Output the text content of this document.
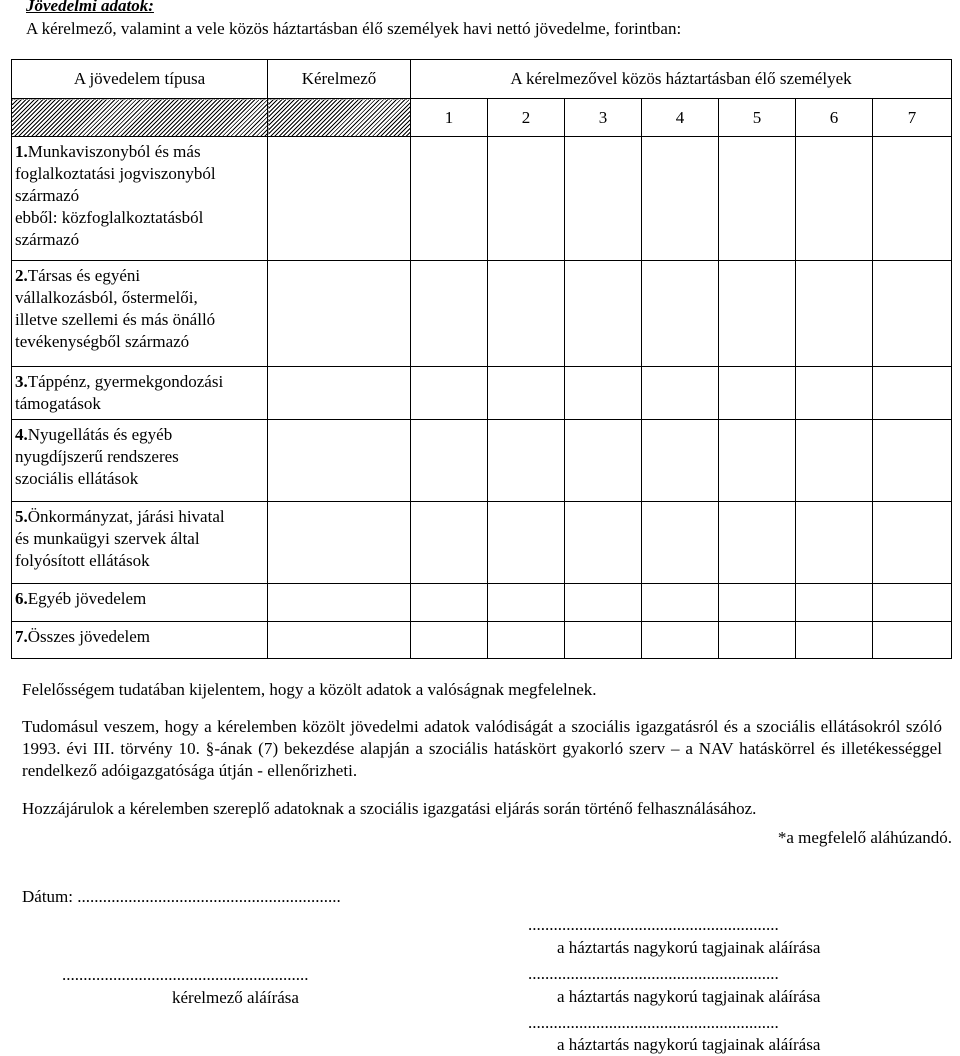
Jövedelmi adatok:
A kérelmező, valamint a vele közös háztartásban élő személyek havi nettó jövedelme, forintban:
A jövedelem típusa	Kérelmező	A kérelmezővel közös háztartásban élő személyek						
		1	2	3	4	5	6	7
1.Munkaviszonyból és más
foglalkoztatási jogviszonyból
származó
ebből: közfoglalkoztatásból
származó								
2.Társas és egyéni
vállalkozásból, őstermelői,
illetve szellemi és más önálló
tevékenységből származó								
3.Táppénz, gyermekgondozási
támogatások								
4.Nyugellátás és egyéb
nyugdíjszerű rendszeres
szociális ellátások								
5.Önkormányzat, járási hivatal
és munkaügyi szervek által
folyósított ellátások								
6.Egyéb jövedelem								
7.Összes jövedelem								
Felelősségem tudatában kijelentem, hogy a közölt adatok a valóságnak megfelelnek.
Tudomásul veszem, hogy a kérelemben közölt jövedelmi adatok valódiságát a szociális igazgatásról és a szociális ellátásokról szóló 1993. évi III. törvény 10. §-ának (7) bekezdése alapján a szociális hatáskört gyakorló szerv – a NAV hatáskörrel és illetékességgel rendelkező adóigazgatósága útján - ellenőrizheti.
Hozzájárulok a kérelemben szereplő adatoknak a szociális igazgatási eljárás során történő felhasználásához.
*a megfelelő aláhúzandó.
Dátum: ..............................................................
..........................................................
kérelmező aláírása
...........................................................
a háztartás nagykorú tagjainak aláírása
...........................................................
a háztartás nagykorú tagjainak aláírása
...........................................................
a háztartás nagykorú tagjainak aláírása
